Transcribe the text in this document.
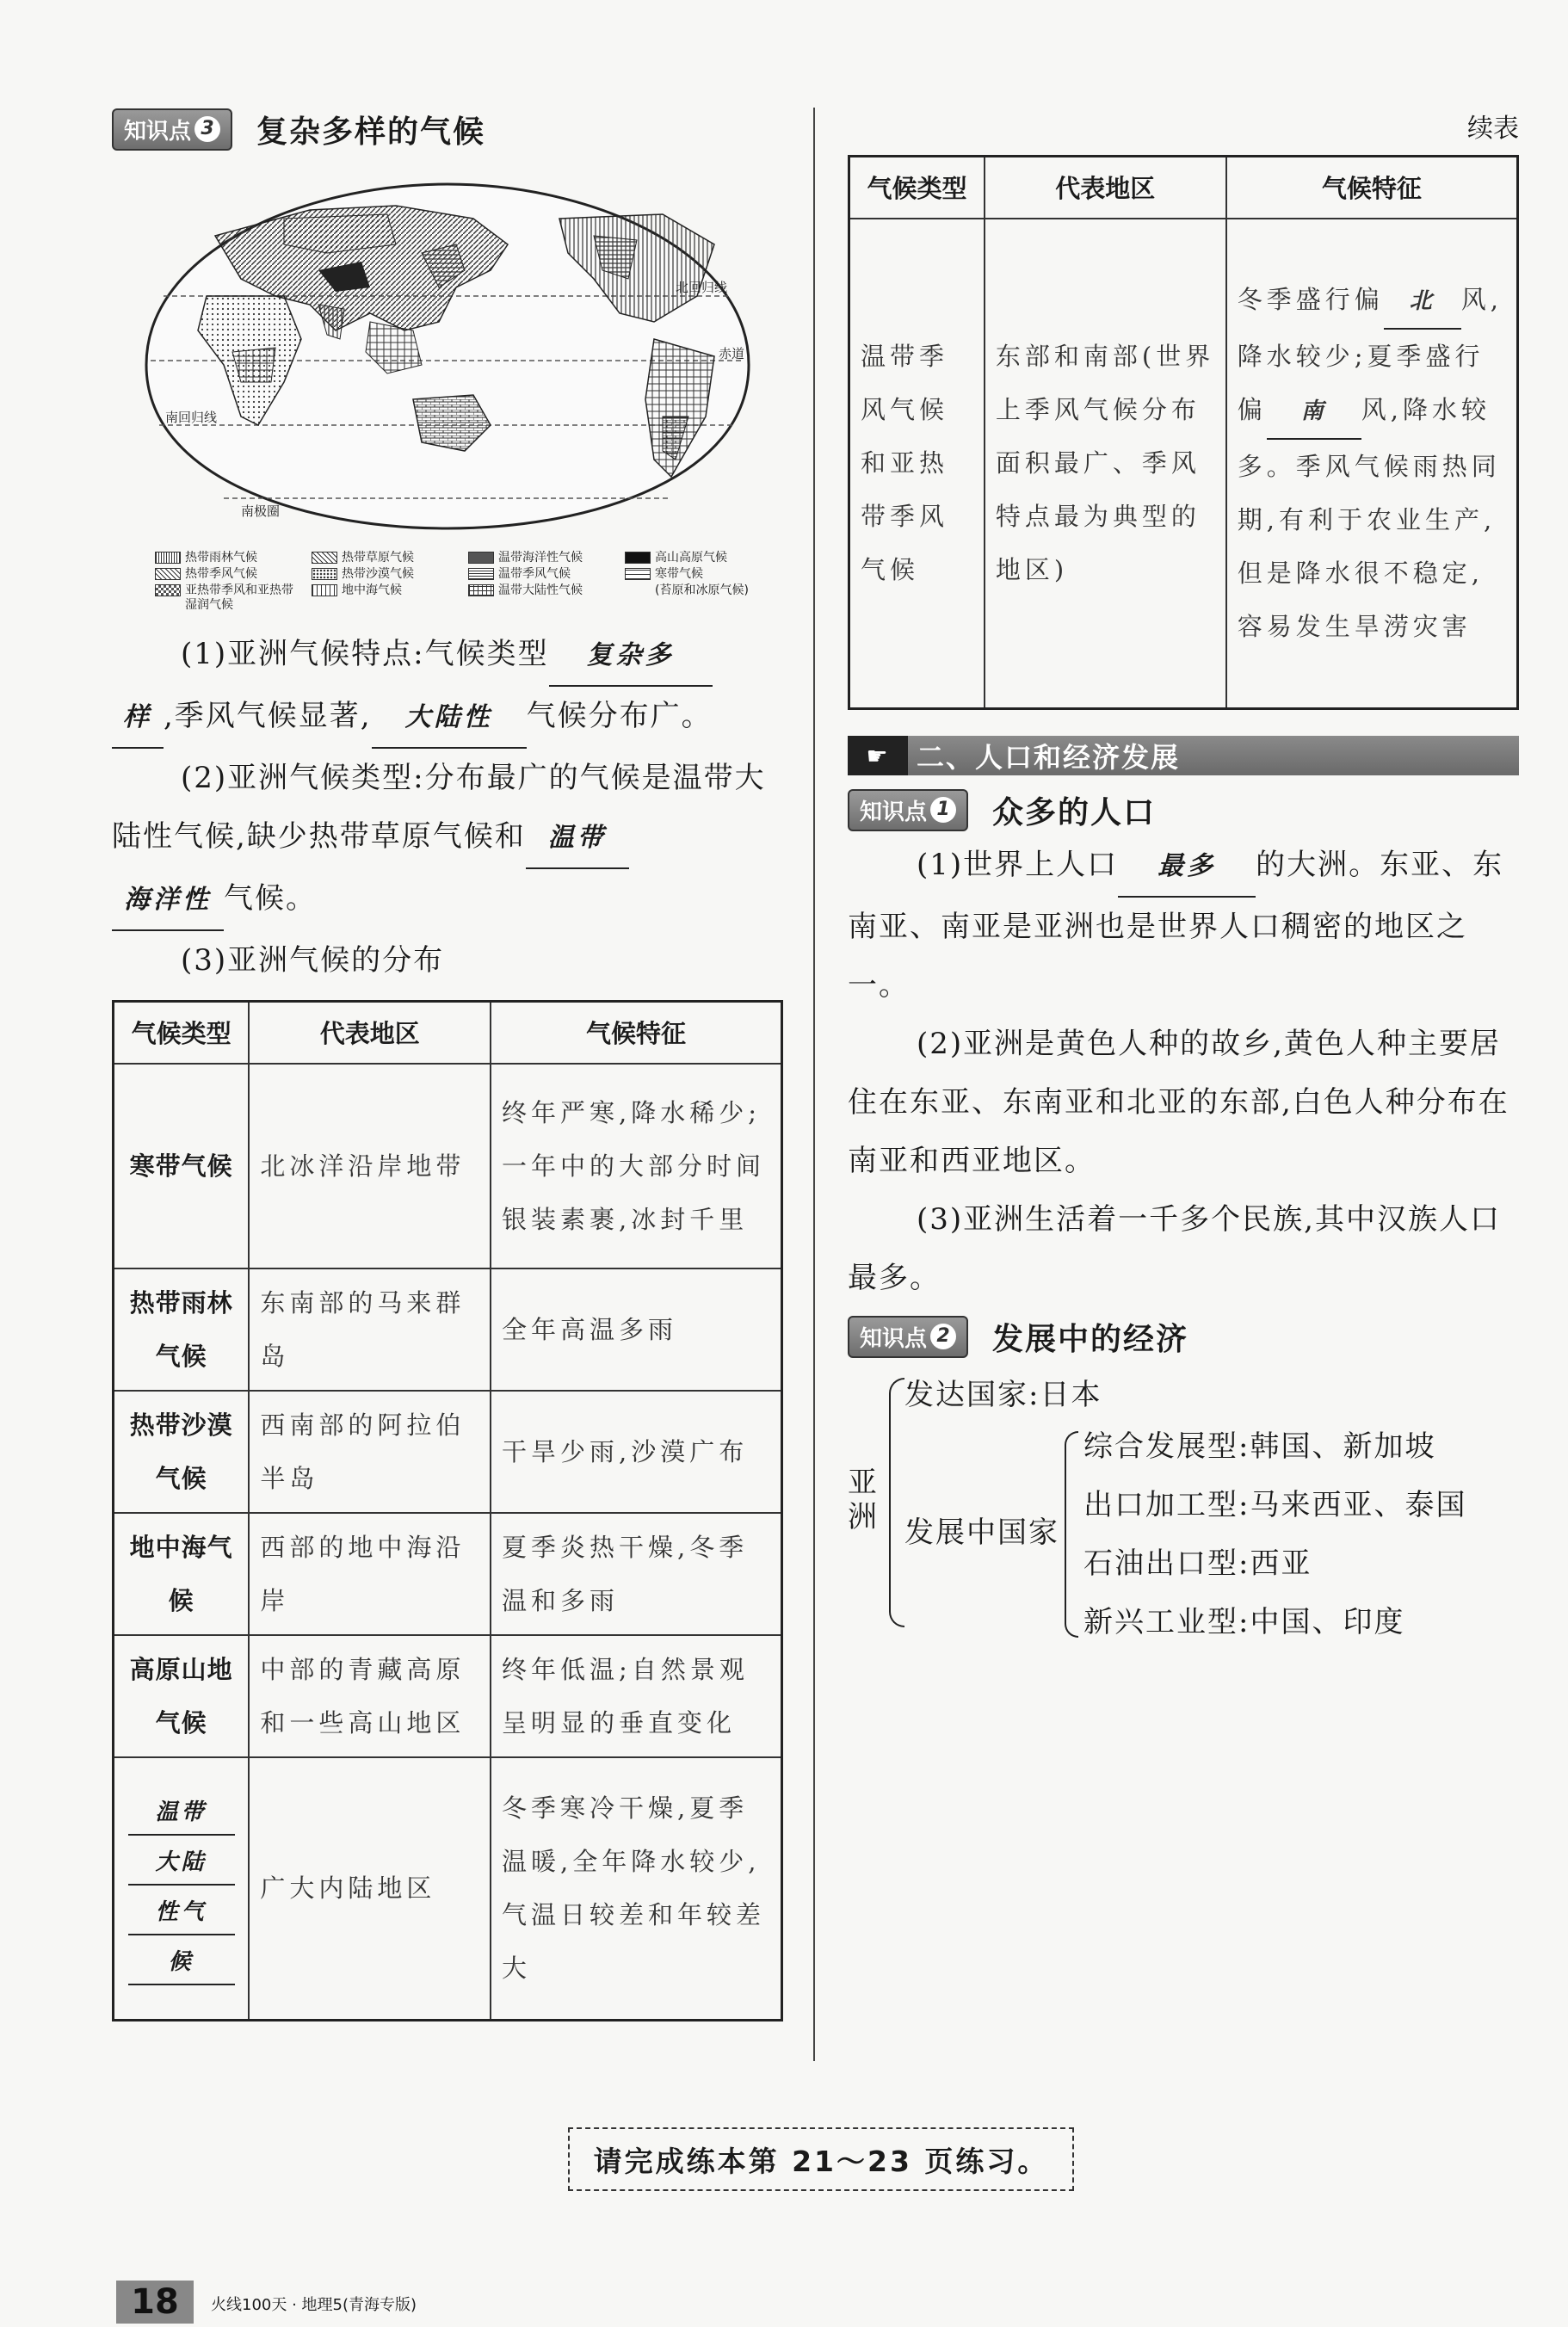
知识点 3 复杂多样的气候
北回归线
赤道
南回归线
南极圈
热带雨林气候	热带草原气候	温带海洋性气候	高山高原气候
热带季风气候	热带沙漠气候	温带季风气候	寒带气候
亚热带季风和亚热带湿润气候
地中海气候	温带大陆性气候	(苔原和冰原气候)

(1)亚洲气候特点:气候类型 复杂多

样 ,季风气候显著, 大陆性 气候分布广。

(2)亚洲气候类型:分布最广的气候是温带大陆性气候,缺少热带草原气候和 温带

海洋性 气候。

(3)亚洲气候的分布

气候类型	代表地区	气候特征
寒带气候	北冰洋沿岸地带	终年严寒,降水稀少;一年中的大部分时间银装素裹,冰封千里
热带雨林气候	东南部的马来群岛	全年高温多雨
热带沙漠气候	西南部的阿拉伯半岛	干旱少雨,沙漠广布
地中海气候	西部的地中海沿岸	夏季炎热干燥,冬季温和多雨
高原山地气候	中部的青藏高原和一些高山地区	终年低温;自然景观呈明显的垂直变化

温带
大陆
性气
候	广大内陆地区	冬季寒冷干燥,夏季温暖,全年降水较少,气温日较差和年较差大
续表
气候类型	代表地区	气候特征
温带季风气候和亚热带季风气候	东部和南部(世界上季风气候分布面积最广、季风特点最为典型的地区)	冬季盛行偏 北 风,降水较少;夏季盛行偏 南 风,降水较多。季风气候雨热同期,有利于农业生产,但是降水很不稳定,容易发生旱涝灾害
☛ 二、人口和经济发展
知识点 1 众多的人口

(1)世界上人口 最多 的大洲。东亚、东南亚、南亚是亚洲也是世界人口稠密的地区之一。

(2)亚洲是黄色人种的故乡,黄色人种主要居住在东亚、东南亚和北亚的东部,白色人种分布在南亚和西亚地区。

(3)亚洲生活着一千多个民族,其中汉族人口最多。

知识点 2 发展中的经济
亚洲
发达国家:日本
发展中国家
综合发展型:韩国、新加坡
出口加工型:马来西亚、泰国
石油出口型:西亚
新兴工业型:中国、印度
请完成练本第 21～23 页练习。
18	火线100天 · 地理5(青海专版)
